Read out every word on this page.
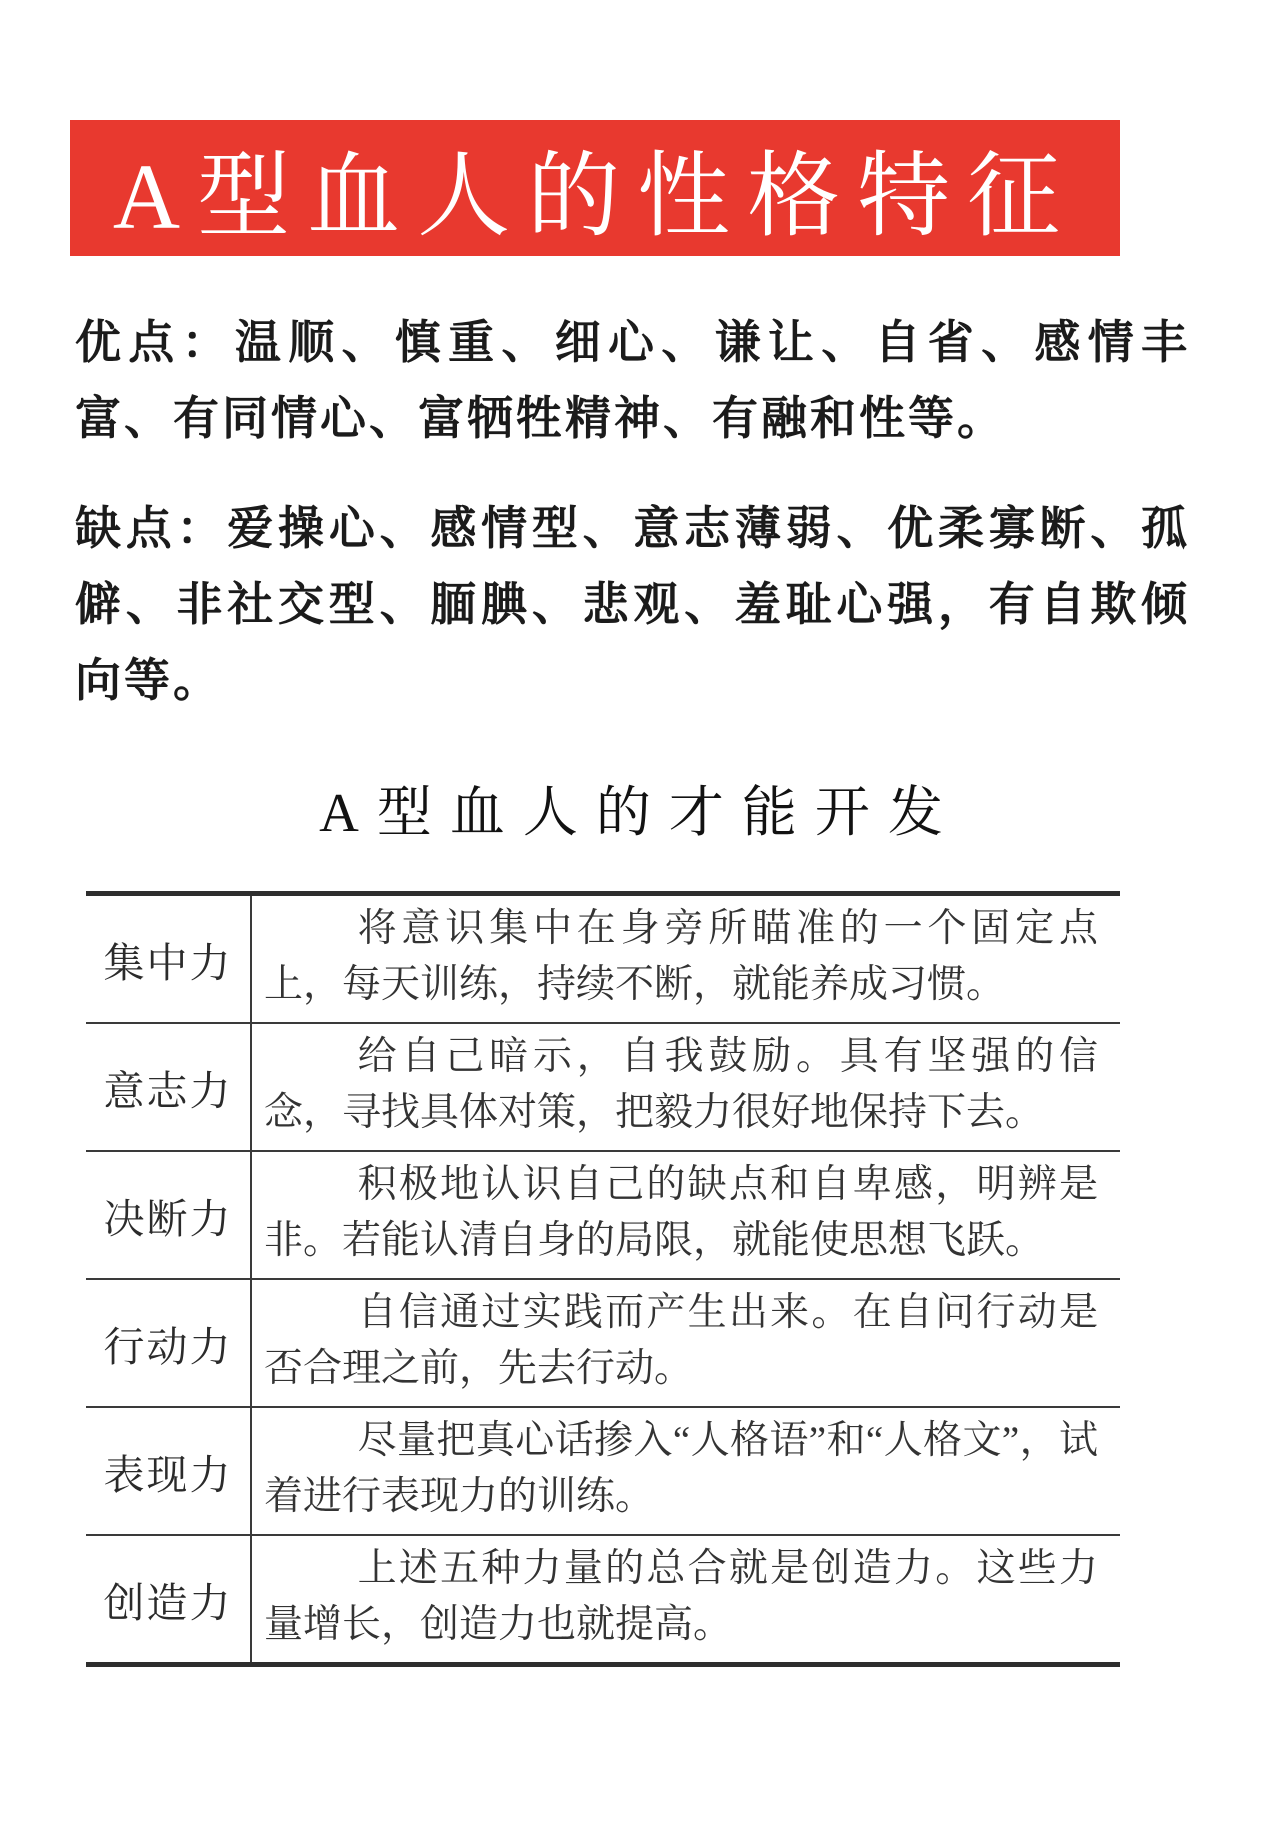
A型血人的性格特征

优点：温顺、慎重、细心、谦让、自省、感情丰富、有同情心、富牺牲精神、有融和性等。

缺点：爱操心、感情型、意志薄弱、优柔寡断、孤僻、非社交型、腼腆、悲观、羞耻心强，有自欺倾向等。

A型血人的才能开发
集中力	将意识集中在身旁所瞄准的一个固定点上，每天训练，持续不断，就能养成习惯。
意志力	给自己暗示，自我鼓励。具有坚强的信念，寻找具体对策，把毅力很好地保持下去。
决断力	积极地认识自己的缺点和自卑感，明辨是非。若能认清自身的局限，就能使思想飞跃。
行动力	自信通过实践而产生出来。在自问行动是否合理之前，先去行动。
表现力	尽量把真心话掺入“人格语”和“人格文”，试着进行表现力的训练。
创造力	上述五种力量的总合就是创造力。这些力量增长，创造力也就提高。
